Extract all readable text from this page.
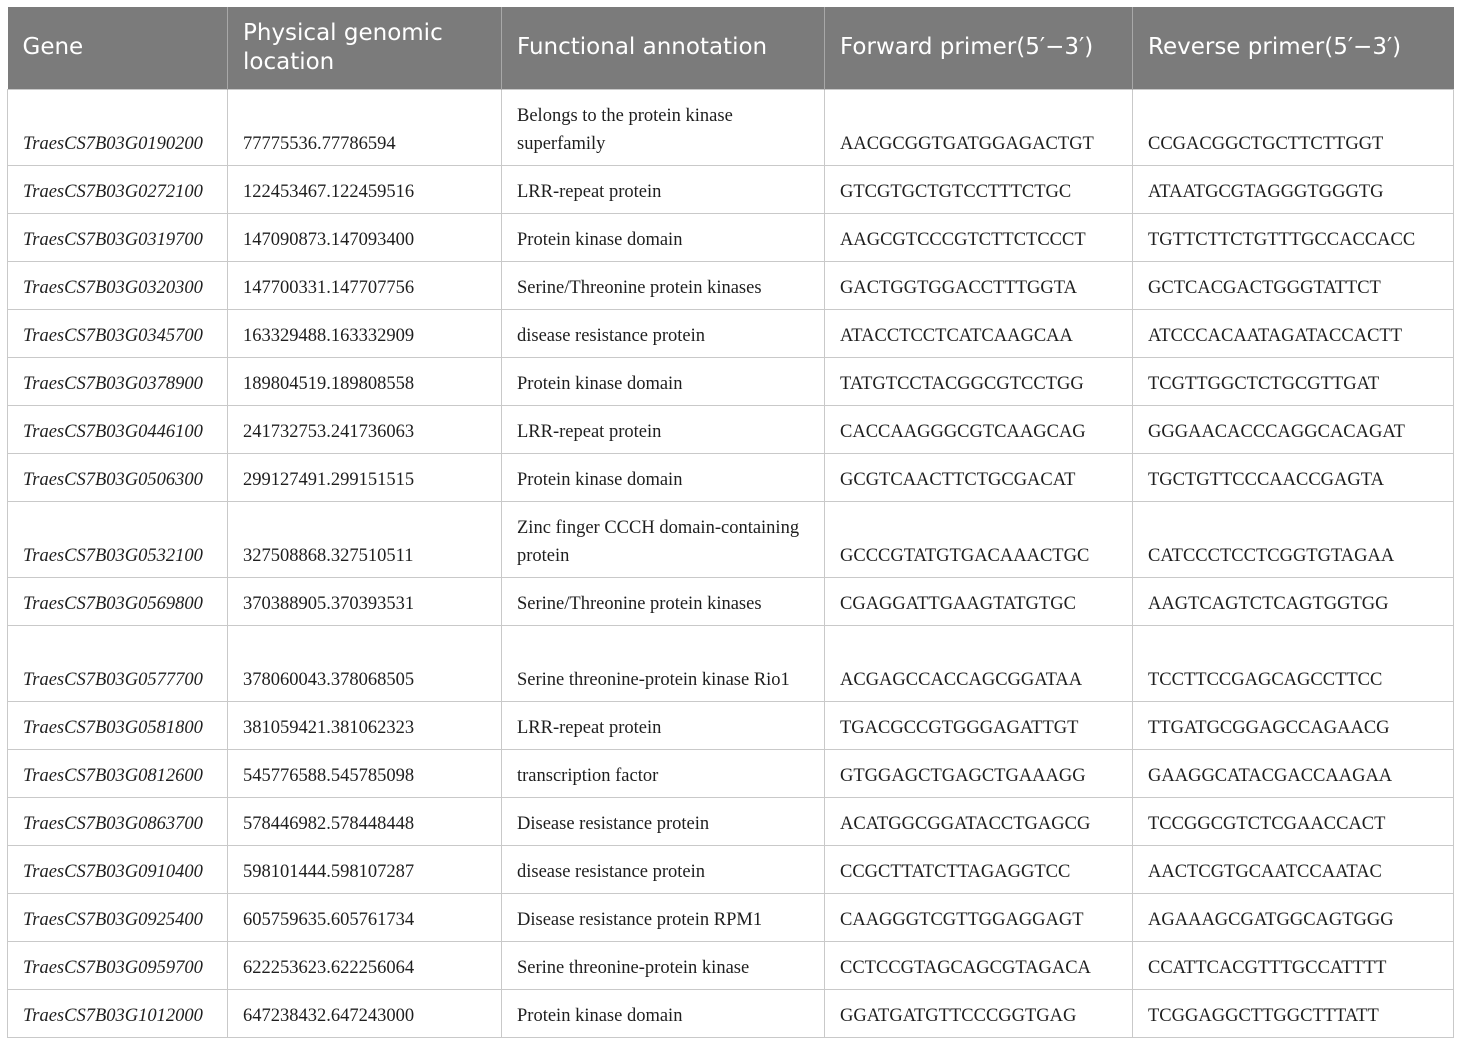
Gene	Physical genomic location	Functional annotation	Forward primer(5′−3′)	Reverse primer(5′−3′)
TraesCS7B03G0190200	77775536.77786594	Belongs to the protein kinase superfamily	AACGCGGTGATGGAGACTGT	CCGACGGCTGCTTCTTGGT
TraesCS7B03G0272100	122453467.122459516	LRR-repeat protein	GTCGTGCTGTCCTTTCTGC	ATAATGCGTAGGGTGGGTG
TraesCS7B03G0319700	147090873.147093400	Protein kinase domain	AAGCGTCCCGTCTTCTCCCT	TGTTCTTCTGTTTGCCACCACC
TraesCS7B03G0320300	147700331.147707756	Serine/Threonine protein kinases	GACTGGTGGACCTTTGGTA	GCTCACGACTGGGTATTCT
TraesCS7B03G0345700	163329488.163332909	disease resistance protein	ATACCTCCTCATCAAGCAA	ATCCCACAATAGATACCACTT
TraesCS7B03G0378900	189804519.189808558	Protein kinase domain	TATGTCCTACGGCGTCCTGG	TCGTTGGCTCTGCGTTGAT
TraesCS7B03G0446100	241732753.241736063	LRR-repeat protein	CACCAAGGGCGTCAAGCAG	GGGAACACCCAGGCACAGAT
TraesCS7B03G0506300	299127491.299151515	Protein kinase domain	GCGTCAACTTCTGCGACAT	TGCTGTTCCCAACCGAGTA
TraesCS7B03G0532100	327508868.327510511	Zinc finger CCCH domain-containing protein	GCCCGTATGTGACAAACTGC	CATCCCTCCTCGGTGTAGAA
TraesCS7B03G0569800	370388905.370393531	Serine/Threonine protein kinases	CGAGGATTGAAGTATGTGC	AAGTCAGTCTCAGTGGTGG
TraesCS7B03G0577700	378060043.378068505	Serine threonine-protein kinase Rio1	ACGAGCCACCAGCGGATAA	TCCTTCCGAGCAGCCTTCC
TraesCS7B03G0581800	381059421.381062323	LRR-repeat protein	TGACGCCGTGGGAGATTGT	TTGATGCGGAGCCAGAACG
TraesCS7B03G0812600	545776588.545785098	transcription factor	GTGGAGCTGAGCTGAAAGG	GAAGGCATACGACCAAGAA
TraesCS7B03G0863700	578446982.578448448	Disease resistance protein	ACATGGCGGATACCTGAGCG	TCCGGCGTCTCGAACCACT
TraesCS7B03G0910400	598101444.598107287	disease resistance protein	CCGCTTATCTTAGAGGTCC	AACTCGTGCAATCCAATAC
TraesCS7B03G0925400	605759635.605761734	Disease resistance protein RPM1	CAAGGGTCGTTGGAGGAGT	AGAAAGCGATGGCAGTGGG
TraesCS7B03G0959700	622253623.622256064	Serine threonine-protein kinase	CCTCCGTAGCAGCGTAGACA	CCATTCACGTTTGCCATTTT
TraesCS7B03G1012000	647238432.647243000	Protein kinase domain	GGATGATGTTCCCGGTGAG	TCGGAGGCTTGGCTTTATT
